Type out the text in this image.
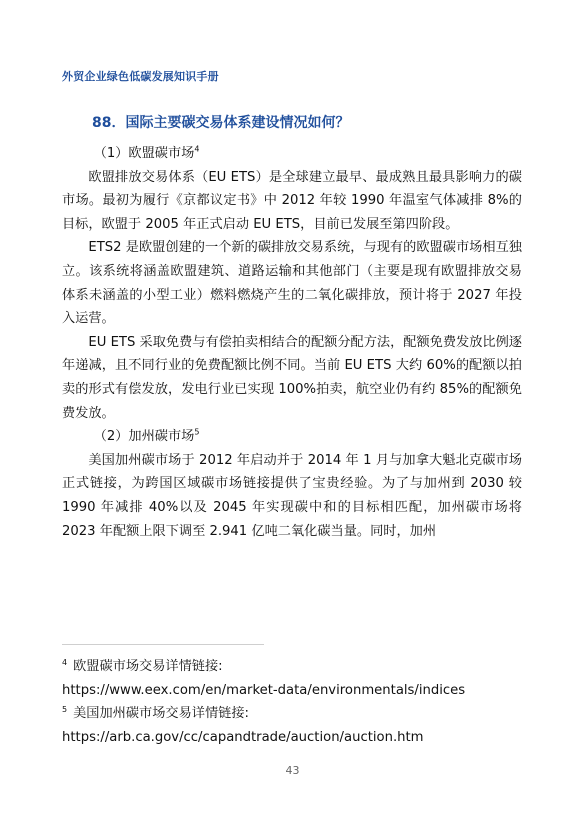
外贸企业绿色低碳发展知识手册
88．国际主要碳交易体系建设情况如何？

（1）欧盟碳市场$^4$

欧盟排放交易体系（EU ETS）是全球建立最早、最成熟且最具影响力的碳市场。最初为履行《京都议定书》中 2012 年较 1990 年温室气体减排 8%的目标，欧盟于 2005 年正式启动 EU ETS，目前已发展至第四阶段。

ETS2 是欧盟创建的一个新的碳排放交易系统，与现有的欧盟碳市场相互独立。该系统将涵盖欧盟建筑、道路运输和其他部门（主要是现有欧盟排放交易体系未涵盖的小型工业）燃料燃烧产生的二氧化碳排放，预计将于 2027 年投入运营。

EU ETS 采取免费与有偿拍卖相结合的配额分配方法，配额免费发放比例逐年递减，且不同行业的免费配额比例不同。当前 EU ETS 大约 60%的配额以拍卖的形式有偿发放，发电行业已实现 100%拍卖，航空业仍有约 85%的配额免费发放。

（2）加州碳市场$^5$

美国加州碳市场于 2012 年启动并于 2014 年 1 月与加拿大魁北克碳市场正式链接，为跨国区域碳市场链接提供了宝贵经验。为了与加州到 2030 较 1990 年减排 40%以及 2045 年实现碳中和的目标相匹配，加州碳市场将 2023 年配额上限下调至 2.941 亿吨二氧化碳当量。同时，加州

$^4$ 欧盟碳市场交易详情链接:
https://www.eex.com/en/market-data/environmentals/indices
$^5$ 美国加州碳市场交易详情链接:
https://arb.ca.gov/cc/capandtrade/auction/auction.htm
43
